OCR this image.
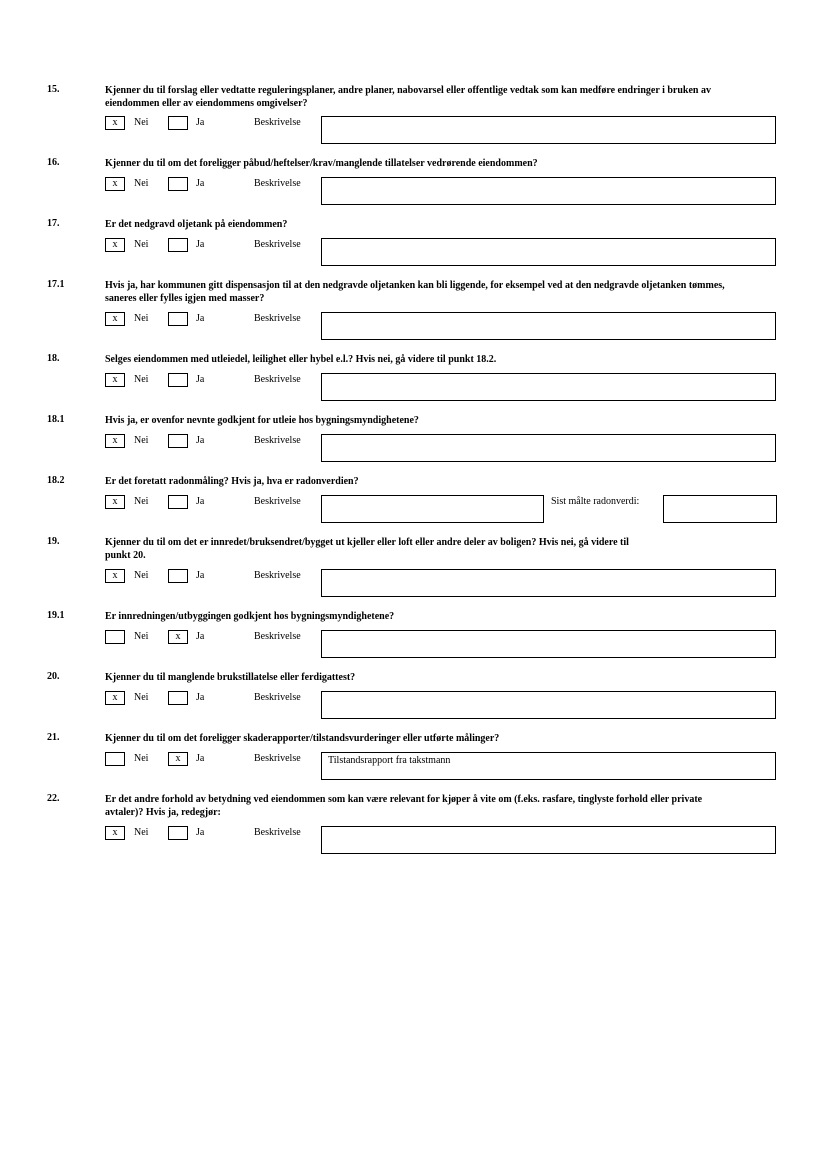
15.	Kjenner du til forslag eller vedtatte reguleringsplaner, andre planer, nabovarsel eller offentlige vedtak som kan medføre endringer i bruken av
eiendommen eller av eiendommens omgivelser?
x	Nei	Ja	Beskrivelse
16.	Kjenner du til om det foreligger påbud/heftelser/krav/manglende tillatelser vedrørende eiendommen?
x	Nei	Ja	Beskrivelse
17.	Er det nedgravd oljetank på eiendommen?
x	Nei	Ja	Beskrivelse
17.1	Hvis ja, har kommunen gitt dispensasjon til at den nedgravde oljetanken kan bli liggende, for eksempel ved at den nedgravde oljetanken tømmes,
saneres eller fylles igjen med masser?
x	Nei	Ja	Beskrivelse
18.	Selges eiendommen med utleiedel, leilighet eller hybel e.l.? Hvis nei, gå videre til punkt 18.2.
x	Nei	Ja	Beskrivelse
18.1	Hvis ja, er ovenfor nevnte godkjent for utleie hos bygningsmyndighetene?
x	Nei	Ja	Beskrivelse
18.2	Er det foretatt radonmåling? Hvis ja, hva er radonverdien?
x	Nei	Ja	Beskrivelse	Sist målte radonverdi:
19.	Kjenner du til om det er innredet/bruksendret/bygget ut kjeller eller loft eller andre deler av boligen? Hvis nei, gå videre til
punkt 20.
x	Nei	Ja	Beskrivelse
19.1	Er innredningen/utbyggingen godkjent hos bygningsmyndighetene?
Nei	x	Ja	Beskrivelse
20.	Kjenner du til manglende brukstillatelse eller ferdigattest?
x	Nei	Ja	Beskrivelse
21.	Kjenner du til om det foreligger skaderapporter/tilstandsvurderinger eller utførte målinger?
Nei	x	Ja	Beskrivelse	Tilstandsrapport fra takstmann
22.	Er det andre forhold av betydning ved eiendommen som kan være relevant for kjøper å vite om (f.eks. rasfare, tinglyste forhold eller private
avtaler)? Hvis ja, redegjør:
x	Nei	Ja	Beskrivelse
